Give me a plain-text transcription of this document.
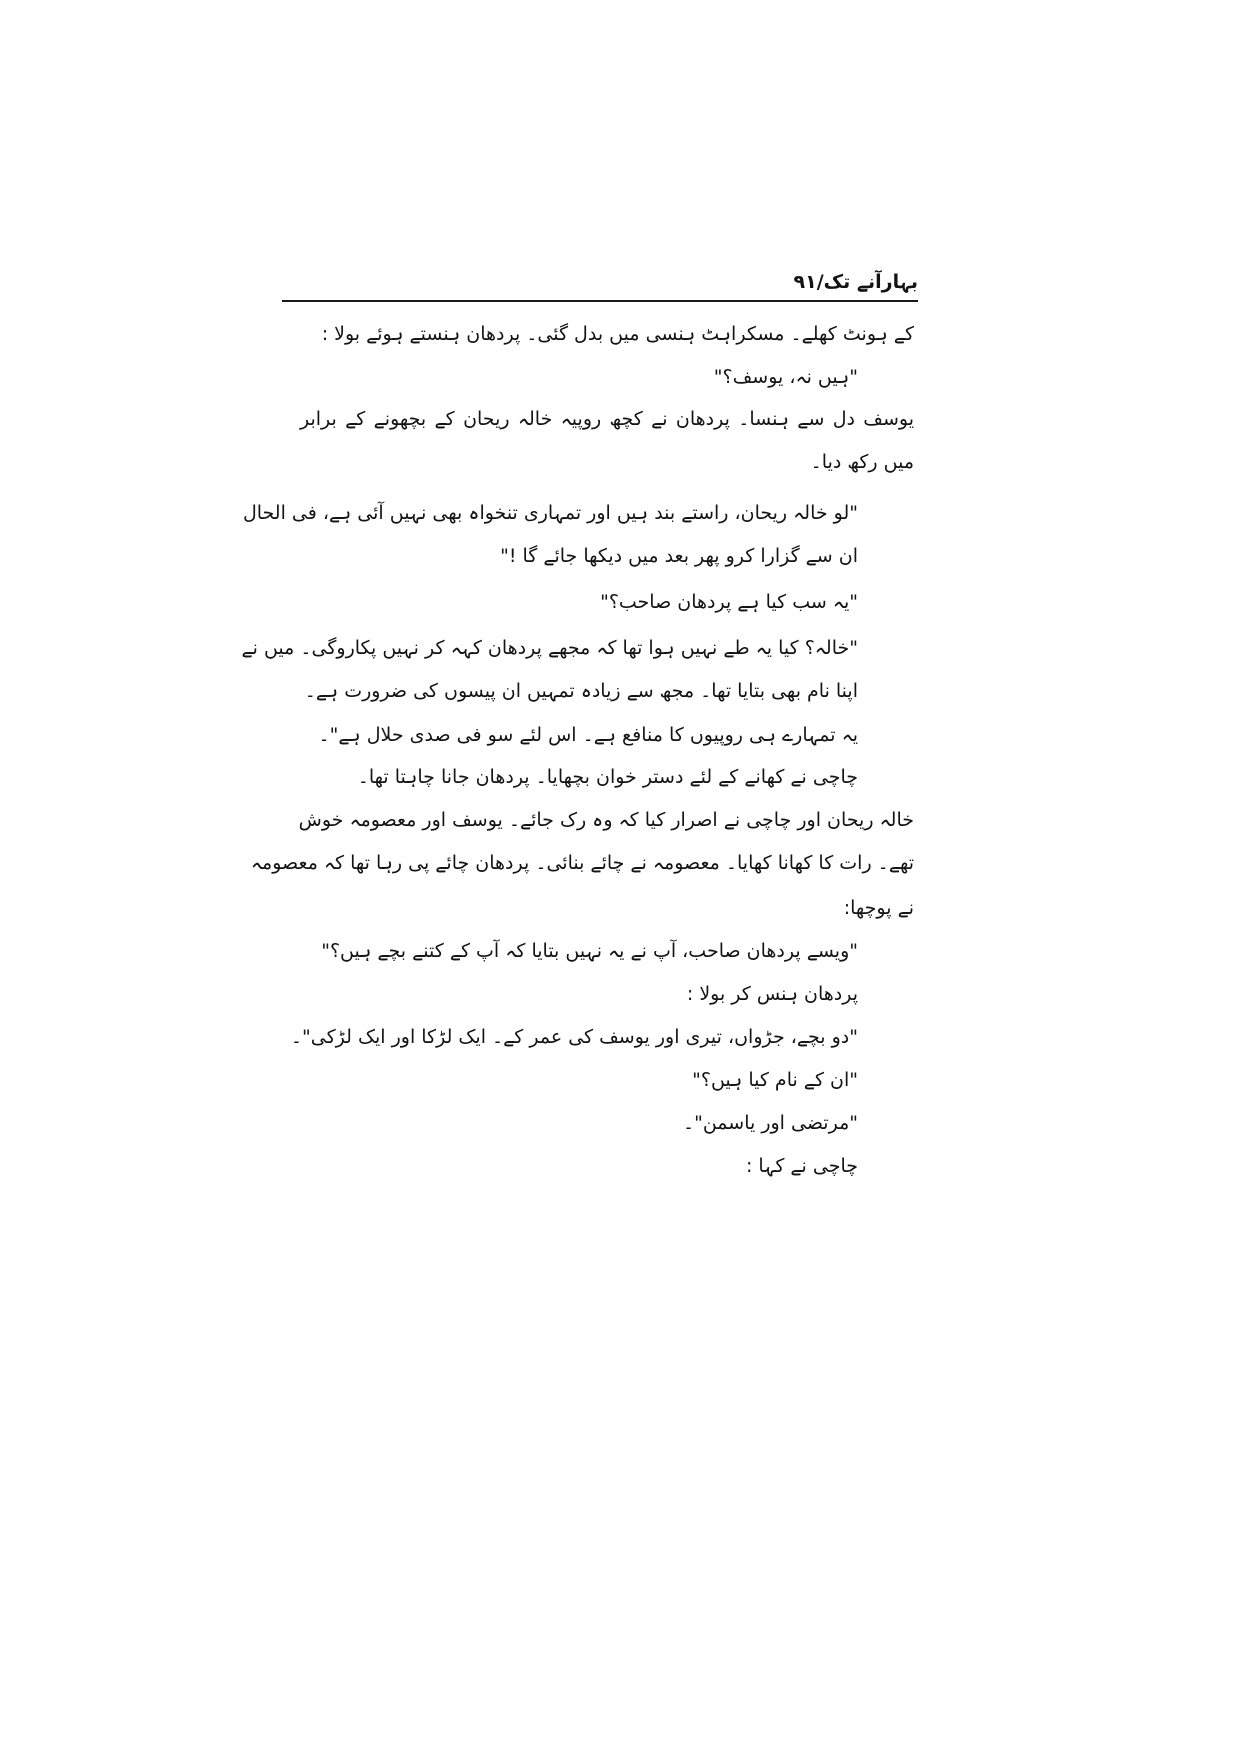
بہارآنے تک/۹۱
کے ہونٹ کھلے۔ مسکراہٹ ہنسی میں بدل گئی۔ پردھان ہنستے ہوئے بولا :
"ہیں نہ، یوسف؟"
یوسف دل سے ہنسا۔ پردھان نے کچھ روپیہ خالہ ریحان کے بچھونے کے برابر
میں رکھ دیا۔
"لو خالہ ریحان، راستے بند ہیں اور تمہاری تنخواہ بھی نہیں آئی ہے، فی الحال
ان سے گزارا کرو پھر بعد میں دیکھا جائے گا !"
"یہ سب کیا ہے پردھان صاحب؟"
"خالہ؟ کیا یہ طے نہیں ہوا تھا کہ مجھے پردھان کہہ کر نہیں پکاروگی۔ میں نے
اپنا نام بھی بتایا تھا۔ مجھ سے زیادہ تمہیں ان پیسوں کی ضرورت ہے۔
یہ تمہارے ہی روپیوں کا منافع ہے۔ اس لئے سو فی صدی حلال ہے"۔
چاچی نے کھانے کے لئے دستر خوان بچھایا۔ پردھان جانا چاہتا تھا۔
خالہ ریحان اور چاچی نے اصرار کیا کہ وہ رک جائے۔ یوسف اور معصومہ خوش
تھے۔ رات کا کھانا کھایا۔ معصومہ نے چائے بنائی۔ پردھان چائے پی رہا تھا کہ معصومہ
نے پوچھا:
"ویسے پردھان صاحب، آپ نے یہ نہیں بتایا کہ آپ کے کتنے بچے ہیں؟"
پردھان ہنس کر بولا :
"دو بچے، جڑواں، تیری اور یوسف کی عمر کے۔ ایک لڑکا اور ایک لڑکی"۔
"ان کے نام کیا ہیں؟"
"مرتضی اور یاسمن"۔
چاچی نے کہا :
